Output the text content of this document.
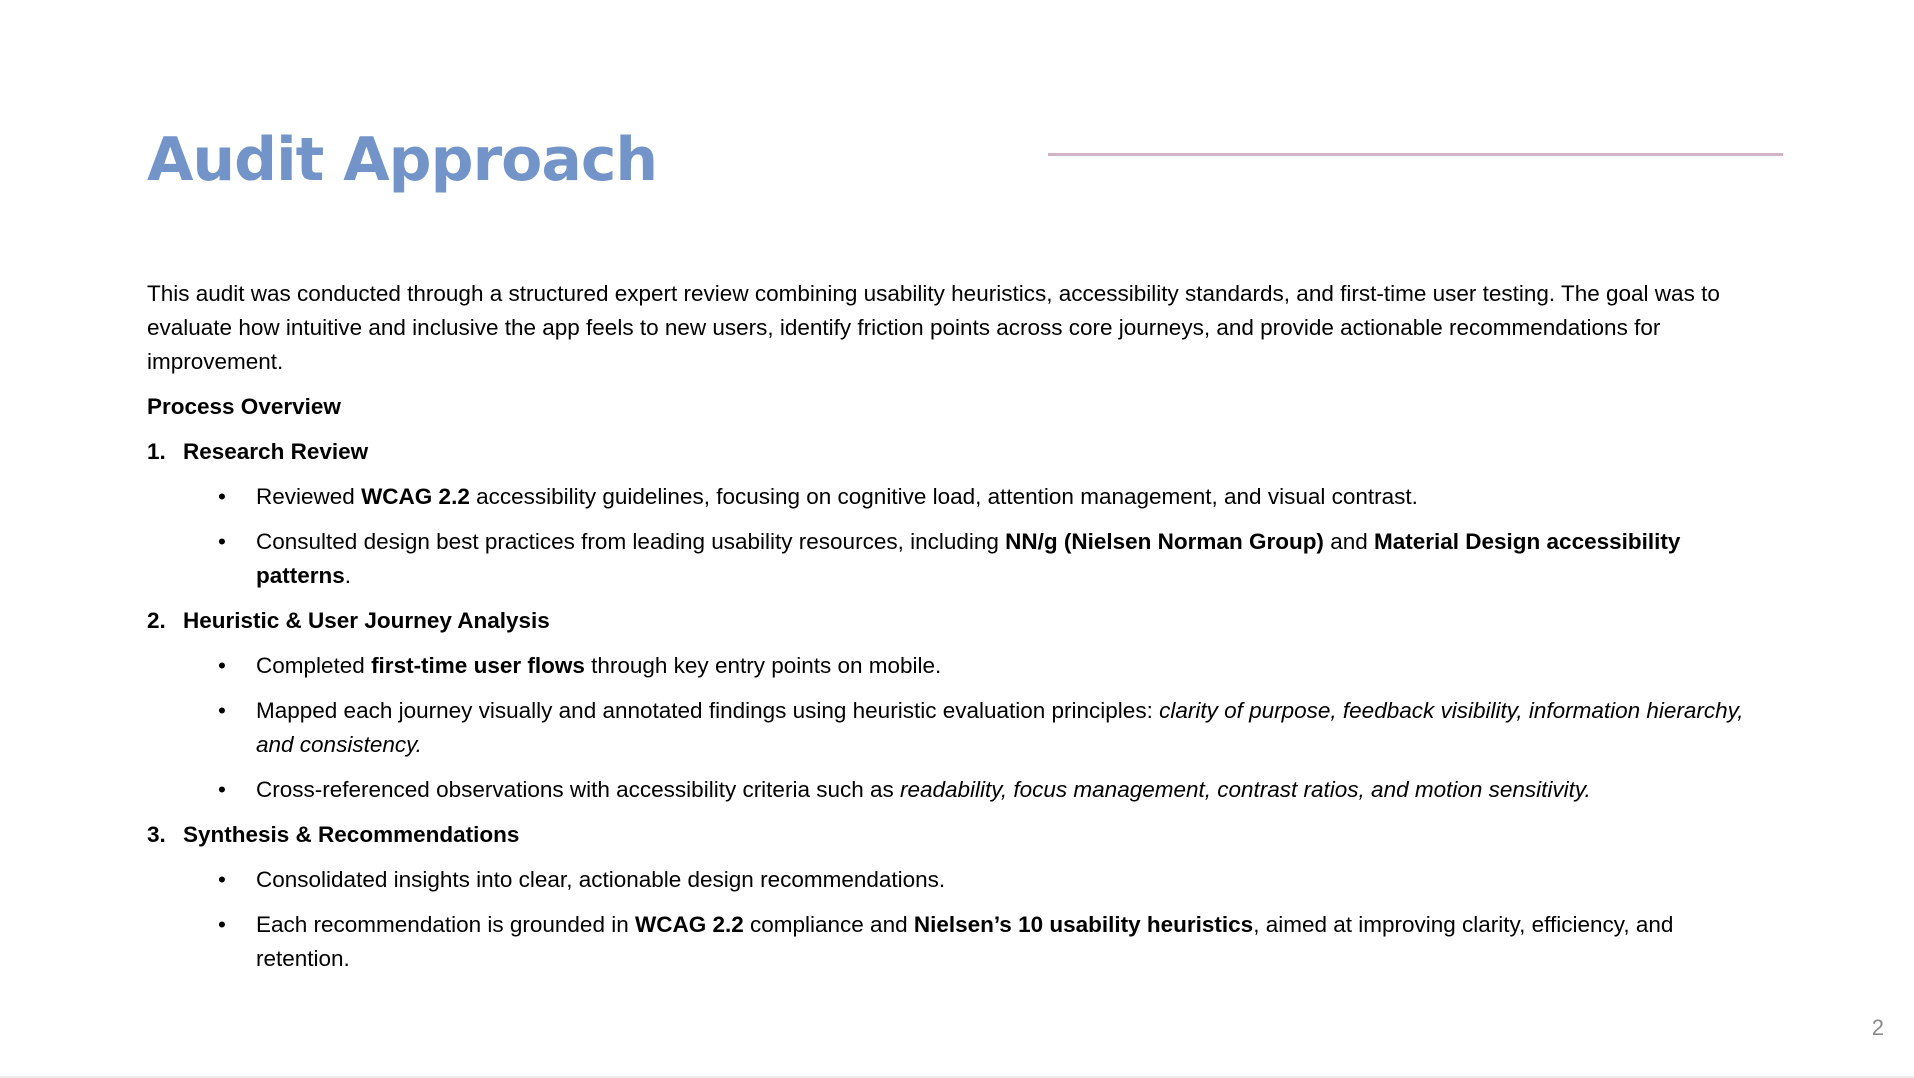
Audit Approach

This audit was conducted through a structured expert review combining usability heuristics, accessibility standards, and first-time user testing. The goal was to evaluate how intuitive and inclusive the app feels to new users, identify friction points across core journeys, and provide actionable recommendations for improvement.

Process Overview

1. Research Review
•	Reviewed WCAG 2.2 accessibility guidelines, focusing on cognitive load, attention management, and visual contrast.
•	Consulted design best practices from leading usability resources, including NN/g (Nielsen Norman Group) and Material Design accessibility patterns.
2. Heuristic & User Journey Analysis
•	Completed first-time user flows through key entry points on mobile.
•	Mapped each journey visually and annotated findings using heuristic evaluation principles: clarity of purpose, feedback visibility, information hierarchy, and consistency.
•	Cross-referenced observations with accessibility criteria such as readability, focus management, contrast ratios, and motion sensitivity.
3. Synthesis & Recommendations
•	Consolidated insights into clear, actionable design recommendations.
•	Each recommendation is grounded in WCAG 2.2 compliance and Nielsen’s 10 usability heuristics, aimed at improving clarity, efficiency, and retention.
2
